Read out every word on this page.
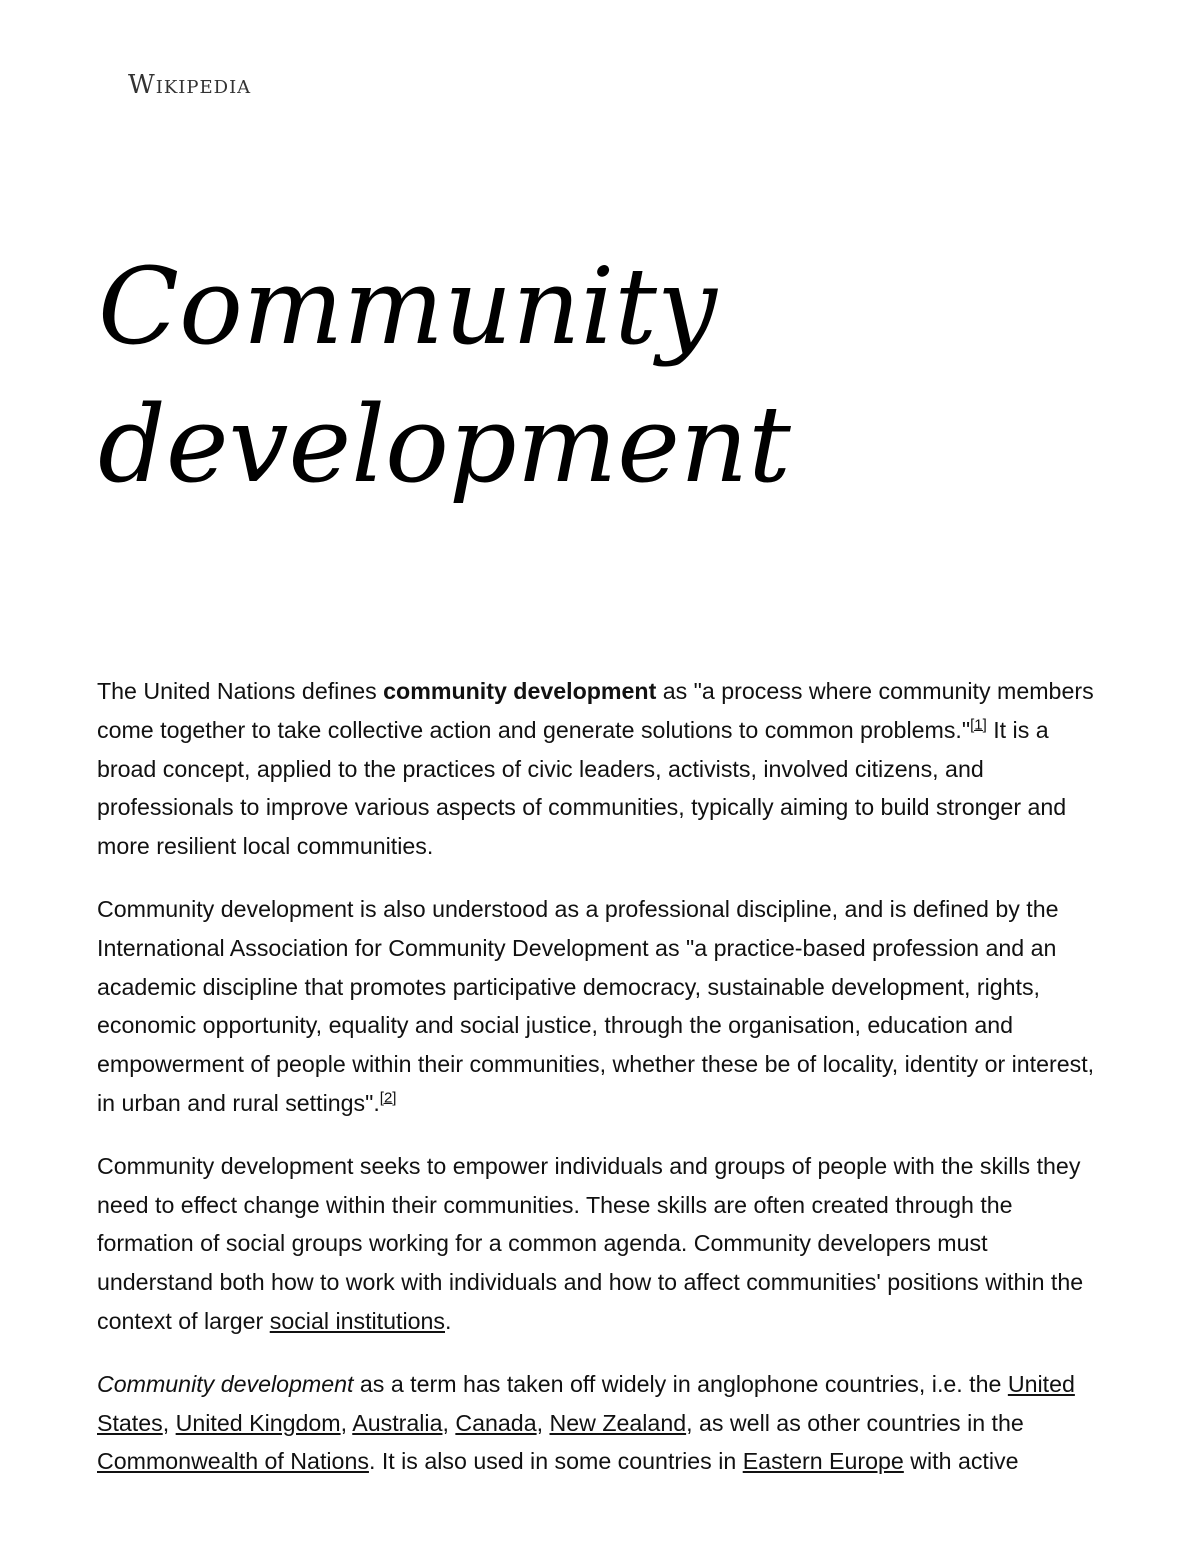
Wikipedia
Community development

The United Nations defines community development as "a process where community members come together to take collective action and generate solutions to common problems."[1] It is a broad concept, applied to the practices of civic leaders, activists, involved citizens, and professionals to improve various aspects of communities, typically aiming to build stronger and more resilient local communities.

Community development is also understood as a professional discipline, and is defined by the International Association for Community Development as "a practice-based profession and an academic discipline that promotes participative democracy, sustainable development, rights, economic opportunity, equality and social justice, through the organisation, education and empowerment of people within their communities, whether these be of locality, identity or interest, in urban and rural settings".[2]

Community development seeks to empower individuals and groups of people with the skills they need to effect change within their communities. These skills are often created through the formation of social groups working for a common agenda. Community developers must understand both how to work with individuals and how to affect communities' positions within the context of larger social institutions.

Community development as a term has taken off widely in anglophone countries, i.e. the United States, United Kingdom, Australia, Canada, New Zealand, as well as other countries in the Commonwealth of Nations. It is also used in some countries in Eastern Europe with active
